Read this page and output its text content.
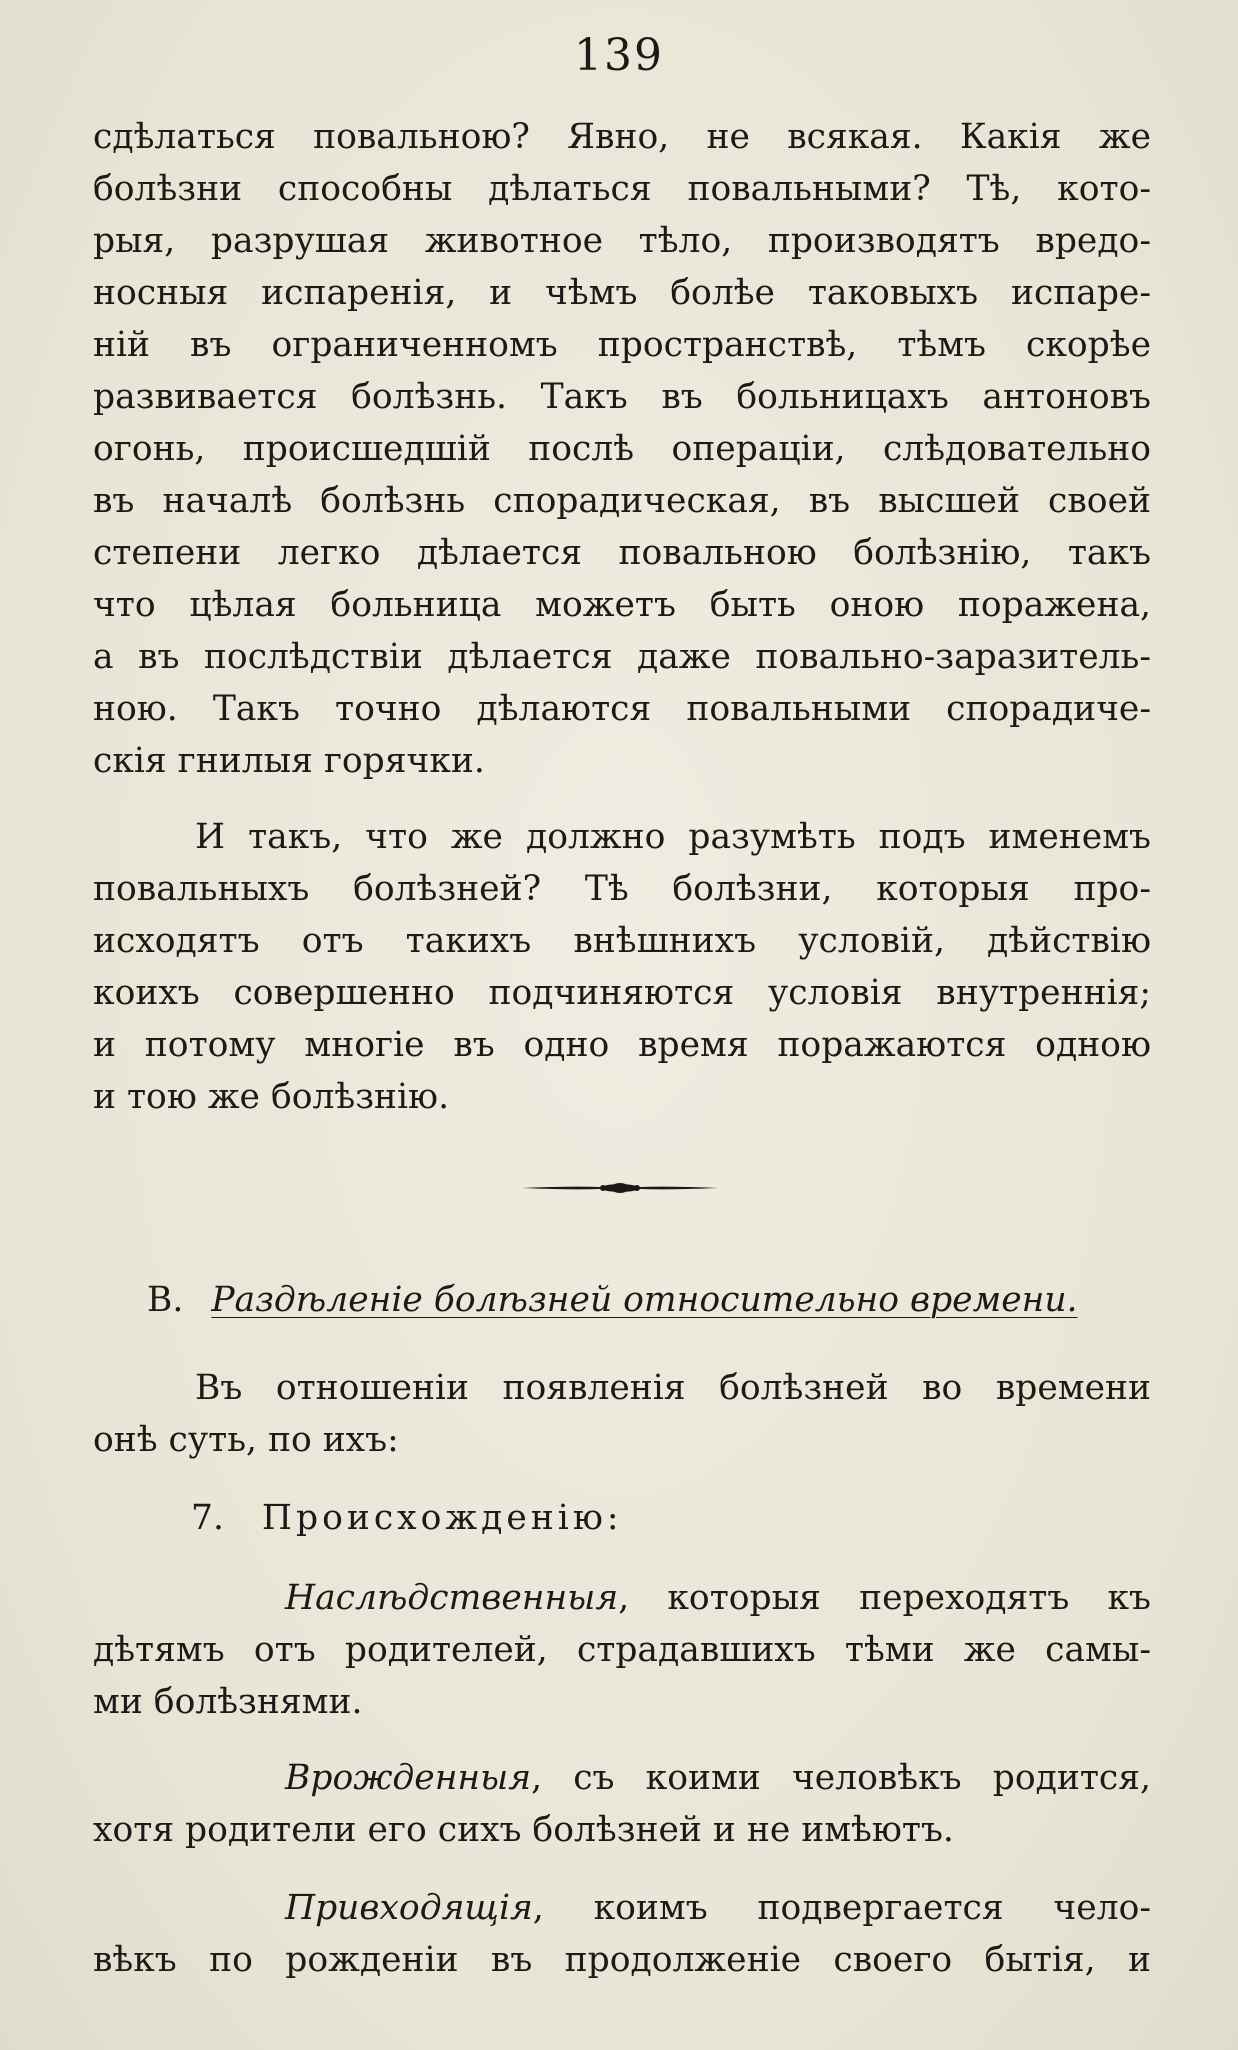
139
сдѣлаться повальною? Явно, не всякая. Какія же
болѣзни способны дѣлаться повальными? Тѣ, кото-
рыя, разрушая животное тѣло, производятъ вредо-
носныя испаренія, и чѣмъ болѣе таковыхъ испаре-
ній въ ограниченномъ пространствѣ, тѣмъ скорѣе
развивается болѣзнь. Такъ въ больницахъ антоновъ
огонь, происшедшій послѣ операціи, слѣдовательно
въ началѣ болѣзнь спорадическая, въ высшей своей
степени легко дѣлается повальною болѣзнію, такъ
что цѣлая больница можетъ быть оною поражена,
а въ послѣдствіи дѣлается даже повально-заразитель-
ною. Такъ точно дѣлаются повальными спорадиче-
скія гнилыя горячки.
И такъ, что же должно разумѣть подъ именемъ
повальныхъ болѣзней? Тѣ болѣзни, которыя про-
исходятъ отъ такихъ внѣшнихъ условій, дѣйствію
коихъ совершенно подчиняются условія внутреннія;
и потому многіе въ одно время поражаются одною
и тою же болѣзнію.
B. Раздѣленіе болѣзней относительно времени.
Въ отношеніи появленія болѣзней во времени
онѣ суть, по ихъ:
7. Происхожденію:
Наслѣдственныя, которыя переходятъ къ
дѣтямъ отъ родителей, страдавшихъ тѣми же самы-
ми болѣзнями.
Врожденныя, съ коими человѣкъ родится,
хотя родители его сихъ болѣзней и не имѣютъ.
Привходящія, коимъ подвергается чело-
вѣкъ по рожденіи въ продолженіе своего бытія, и
